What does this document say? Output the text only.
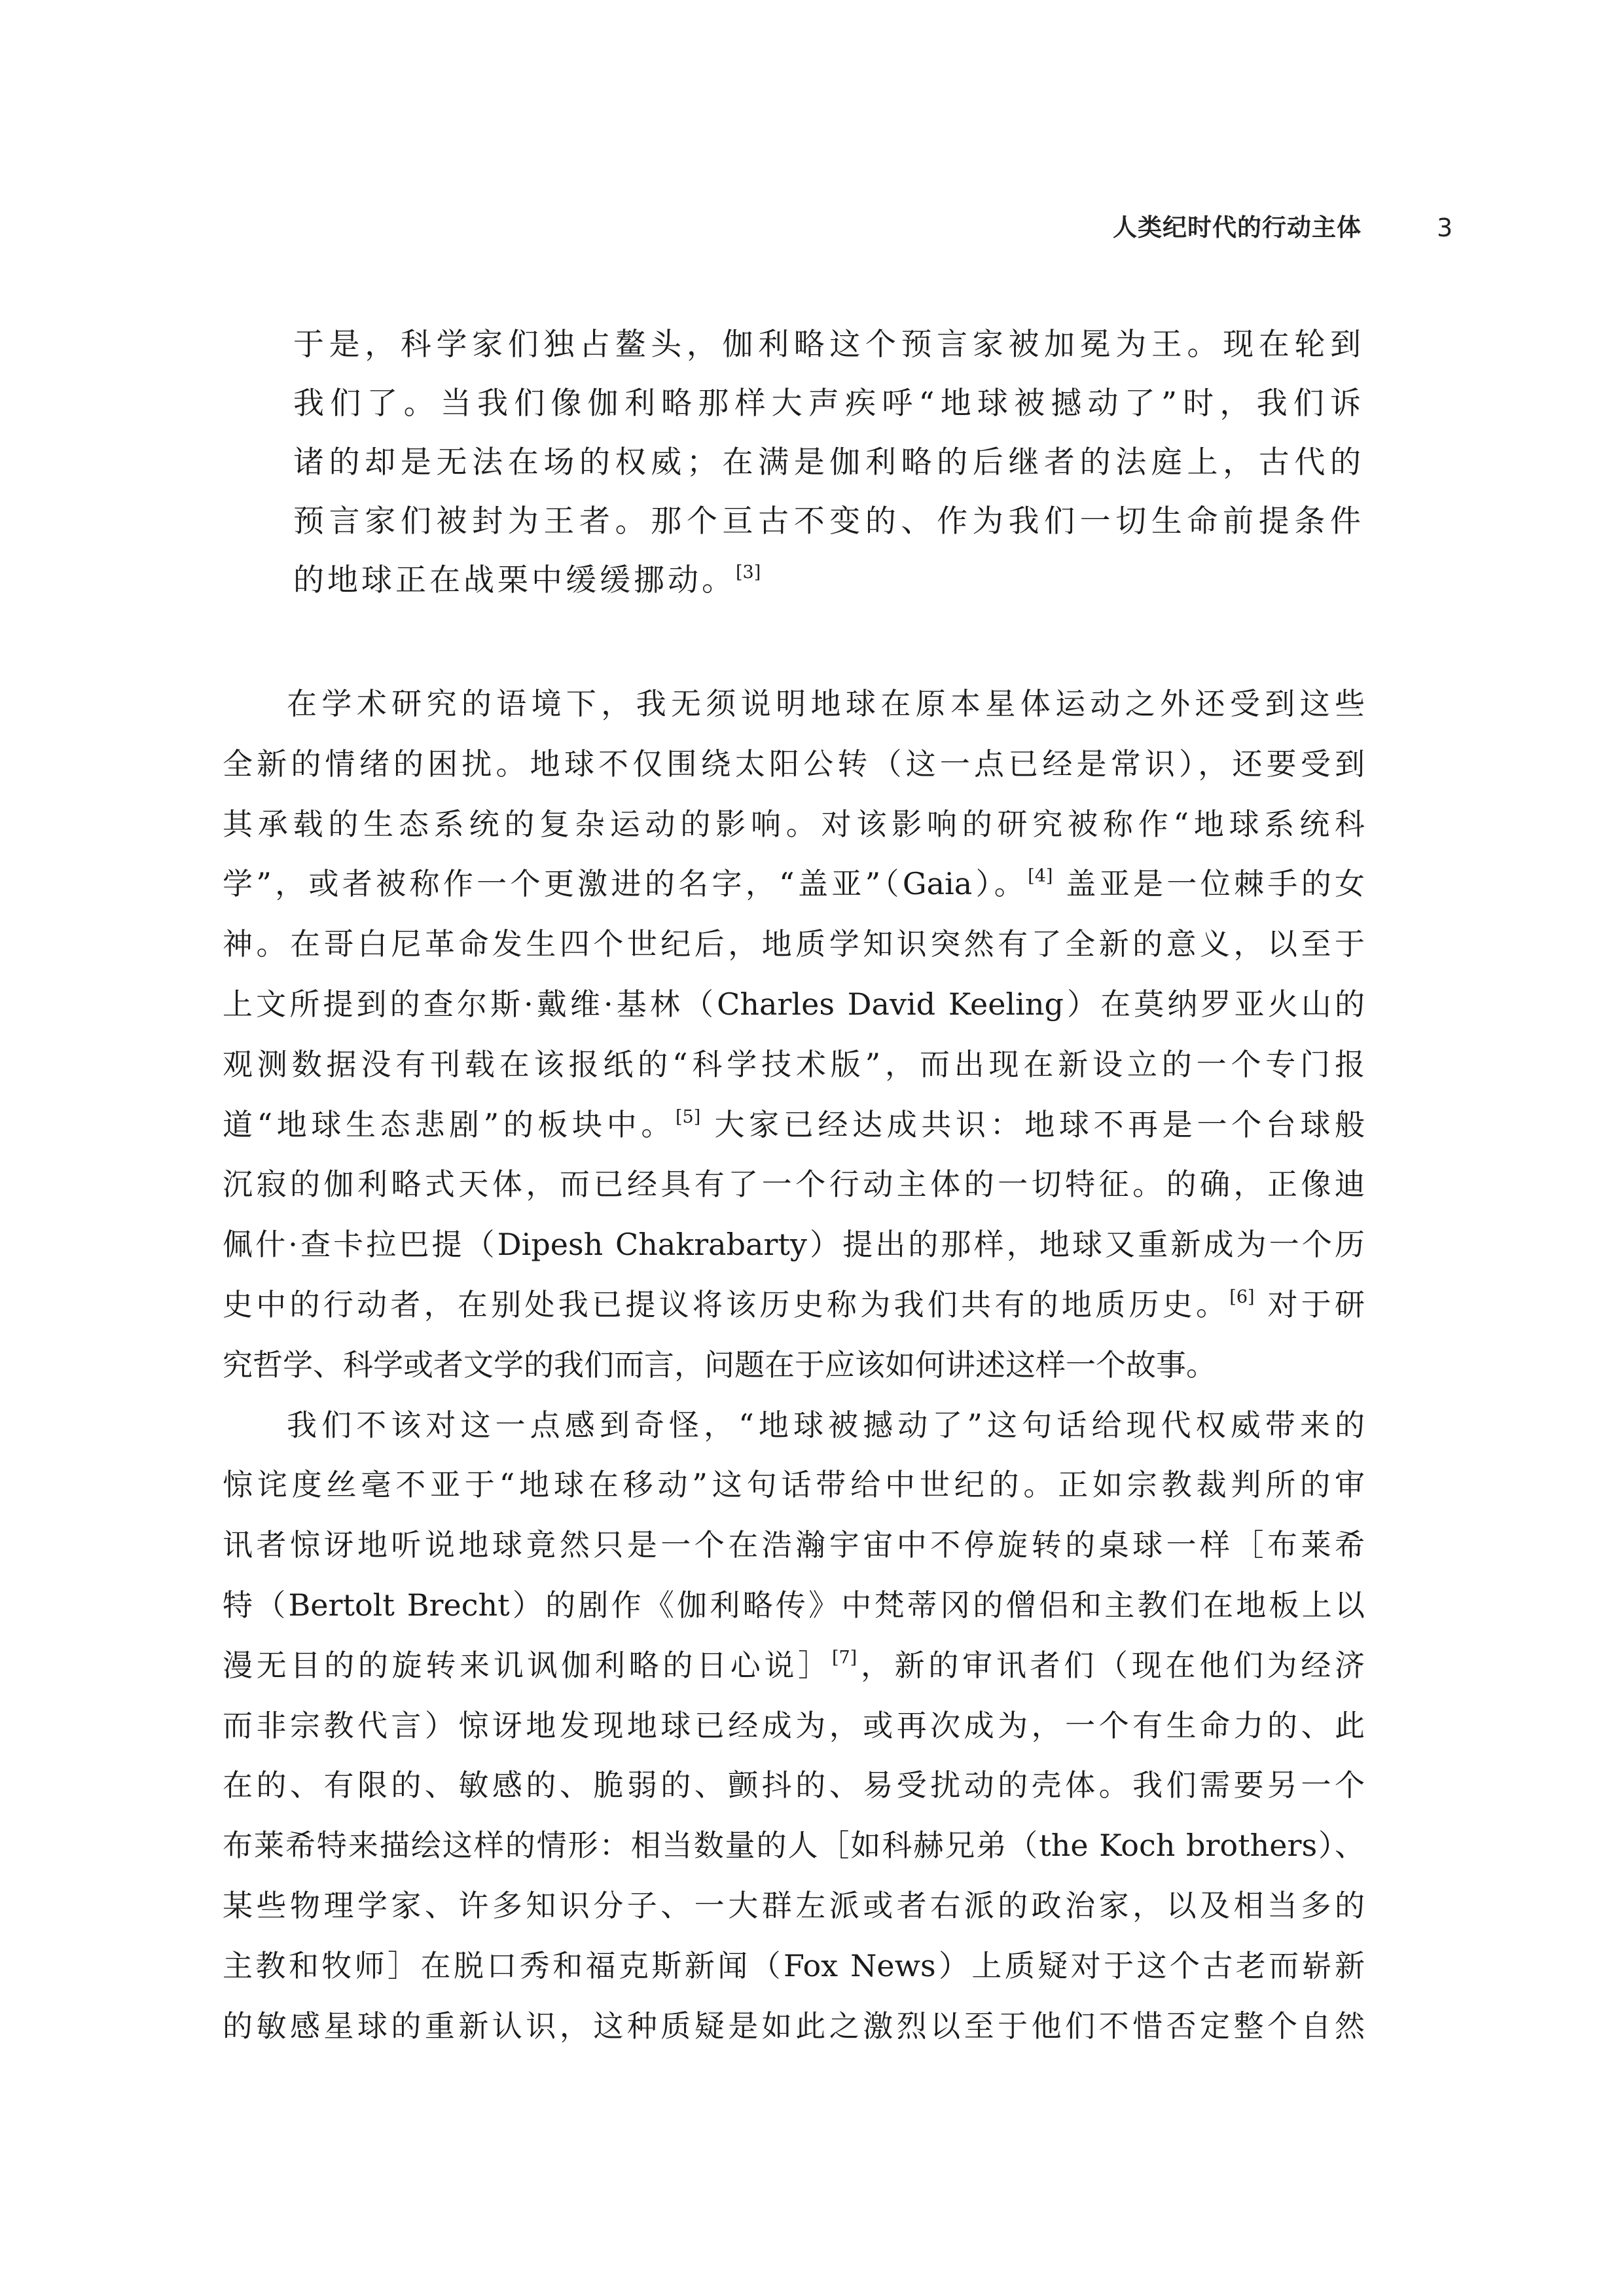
人类纪时代的行动主体	3
于是，科学家们独占鳌头，伽利略这个预言家被加冕为王。现在轮到
我们了。当我们像伽利略那样大声疾呼“地球被撼动了”时，我们诉
诸的却是无法在场的权威；在满是伽利略的后继者的法庭上，古代的
预言家们被封为王者。那个亘古不变的、作为我们一切生命前提条件
的地球正在战栗中缓缓挪动。[3]
在学术研究的语境下，我无须说明地球在原本星体运动之外还受到这些
全新的情绪的困扰。地球不仅围绕太阳公转（这一点已经是常识），还要受到
其承载的生态系统的复杂运动的影响。对该影响的研究被称作“地球系统科
学”，或者被称作一个更激进的名字，“盖亚”（Gaia）。[4] 盖亚是一位棘手的女
神。在哥白尼革命发生四个世纪后，地质学知识突然有了全新的意义，以至于
上文所提到的查尔斯·戴维·基林（Charles David Keeling）在莫纳罗亚火山的
观测数据没有刊载在该报纸的“科学技术版”，而出现在新设立的一个专门报
道“地球生态悲剧”的板块中。[5] 大家已经达成共识：地球不再是一个台球般
沉寂的伽利略式天体，而已经具有了一个行动主体的一切特征。的确，正像迪
佩什·查卡拉巴提（Dipesh Chakrabarty）提出的那样，地球又重新成为一个历
史中的行动者，在别处我已提议将该历史称为我们共有的地质历史。[6] 对于研
究哲学、科学或者文学的我们而言，问题在于应该如何讲述这样一个故事。
我们不该对这一点感到奇怪，“地球被撼动了”这句话给现代权威带来的
惊诧度丝毫不亚于“地球在移动”这句话带给中世纪的。正如宗教裁判所的审
讯者惊讶地听说地球竟然只是一个在浩瀚宇宙中不停旋转的桌球一样［布莱希
特（Bertolt Brecht）的剧作《伽利略传》中梵蒂冈的僧侣和主教们在地板上以
漫无目的的旋转来讥讽伽利略的日心说］[7]，新的审讯者们（现在他们为经济
而非宗教代言）惊讶地发现地球已经成为，或再次成为，一个有生命力的、此
在的、有限的、敏感的、脆弱的、颤抖的、易受扰动的壳体。我们需要另一个
布莱希特来描绘这样的情形：相当数量的人［如科赫兄弟（the Koch brothers）、
某些物理学家、许多知识分子、一大群左派或者右派的政治家，以及相当多的
主教和牧师］在脱口秀和福克斯新闻（Fox News）上质疑对于这个古老而崭新
的敏感星球的重新认识，这种质疑是如此之激烈以至于他们不惜否定整个自然
